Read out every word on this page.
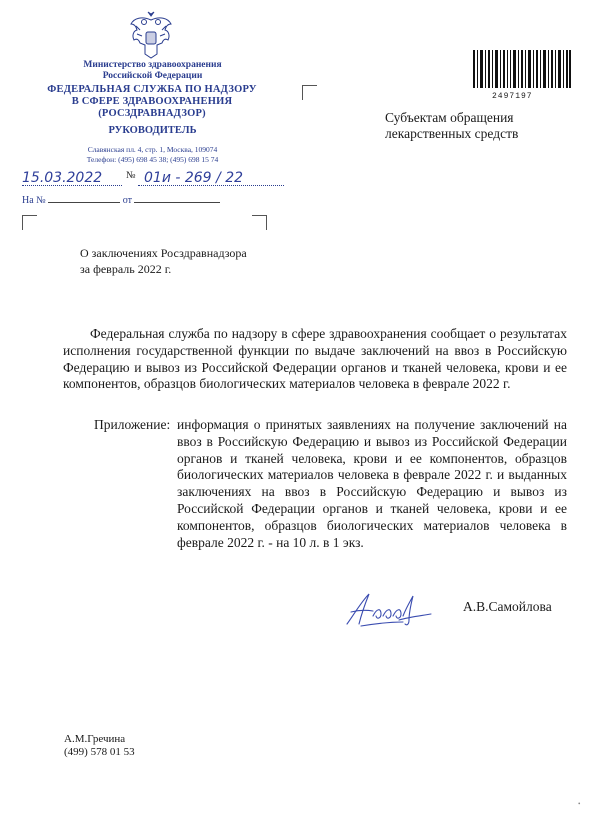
Министерство здравоохранения
Российской Федерации
ФЕДЕРАЛЬНАЯ СЛУЖБА ПО НАДЗОРУ
В СФЕРЕ ЗДРАВООХРАНЕНИЯ
(РОСЗДРАВНАДЗОР)
РУКОВОДИТЕЛЬ
Славянская пл. 4, стр. 1, Москва, 109074
Телефон: (495) 698 45 38; (495) 698 15 74
15.03.2022 № 01и - 269 / 22
На №	от
2497197
Субъектам обращения
лекарственных средств
О заключениях Росздравнадзора
за февраль 2022 г.
Федеральная служба по надзору в сфере здравоохранения сообщает о результатах исполнения государственной функции по выдаче заключений на ввоз в Российскую Федерацию и вывоз из Российской Федерации органов и тканей человека, крови и ее компонентов, образцов биологических материалов человека в феврале 2022 г.
Приложение: информация о принятых заявлениях на получение заключений на ввоз в Российскую Федерацию и вывоз из Российской Федерации органов и тканей человека, крови и ее компонентов, образцов биологических материалов человека в феврале 2022 г. и выданных заключениях на ввоз в Российскую Федерацию и вывоз из Российской Федерации органов и тканей человека, крови и ее компонентов, образцов биологических материалов человека в феврале 2022 г. - на 10 л. в 1 экз.
А.В.Самойлова
А.М.Гречина
(499) 578 01 53
•
